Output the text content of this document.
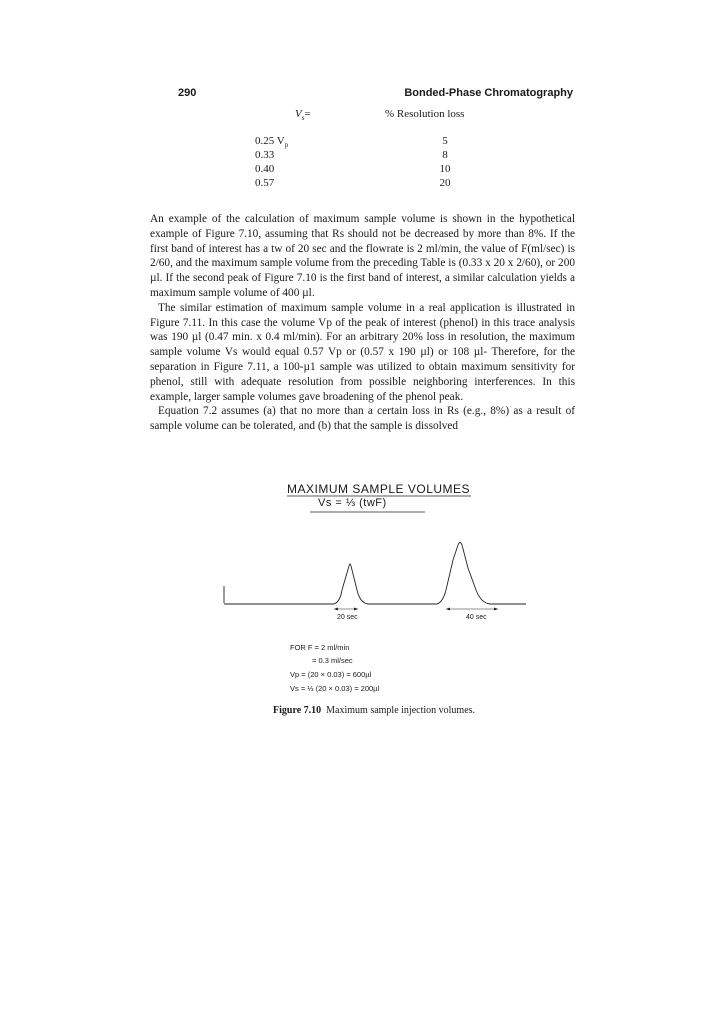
290	Bonded-Phase Chromatography
$V_s=$	% Resolution loss
0.25 $V_p$	5
0.33	8
0.40	10
0.57	20

An example of the calculation of maximum sample volume is shown in the hypothetical example of Figure 7.10, assuming that Rs should not be decreased by more than 8%. If the first band of interest has a tw of 20 sec and the flowrate is 2 ml/min, the value of F(ml/sec) is 2/60, and the maximum sample volume from the preceding Table is (0.33 x 20 x 2/60), or 200 µl. If the second peak of Figure 7.10 is the first band of interest, a similar calculation yields a maximum sample volume of 400 µl.

The similar estimation of maximum sample volume in a real application is illustrated in Figure 7.11. In this case the volume Vp of the peak of interest (phenol) in this trace analysis was 190 µl (0.47 min. x 0.4 ml/min). For an arbitrary 20% loss in resolution, the maximum sample volume Vs would equal 0.57 Vp or (0.57 x 190 µl) or 108 µl- Therefore, for the separation in Figure 7.11, a 100-µ1 sample was utilized to obtain maximum sensitivity for phenol, still with adequate resolution from possible neighboring interferences. In this example, larger sample volumes gave broadening of the phenol peak.

Equation 7.2 assumes (a) that no more than a certain loss in Rs (e.g., 8%) as a result of sample volume can be tolerated, and (b) that the sample is dissolved

MAXIMUM SAMPLE VOLUMES
Vs = ⅓ (twF)
20 sec	40 sec
FOR F = 2 ml/min
= 0.3 ml/sec
Vp = (20 × 0.03) = 600µl
Vs = ⅓ (20 × 0.03) = 200µl
Figure 7.10 Maximum sample injection volumes.
